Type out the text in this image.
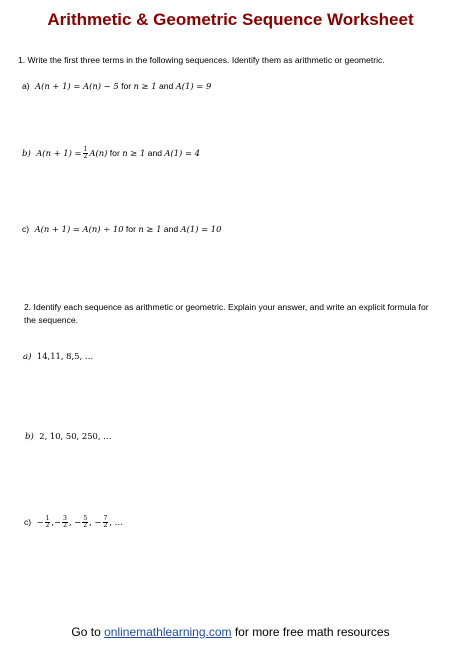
Arithmetic & Geometric Sequence Worksheet
1. Write the first three terms in the following sequences. Identify them as arithmetic or geometric.
a) A(n + 1) = A(n) − 5 for n ≥ 1 and A(1) = 9
b) $A(n + 1) = \frac{1}{2} A(n)$ for n ≥ 1 and A(1) = 4
c) A(n + 1) = A(n) ÷ 10 for n ≥ 1 and A(1) = 10
2. Identify each sequence as arithmetic or geometric. Explain your answer, and write an explicit formula for the sequence.
a) 14,11, 8,5, …
b) 2, 10, 50, 250, …
$c) - \frac{1}{2}$ ,− $\frac{3}{2}$ , − $\frac{5}{2}$ , − $\frac{7}{2}$ , …
Go to onlinemathlearning.com for more free math resources
